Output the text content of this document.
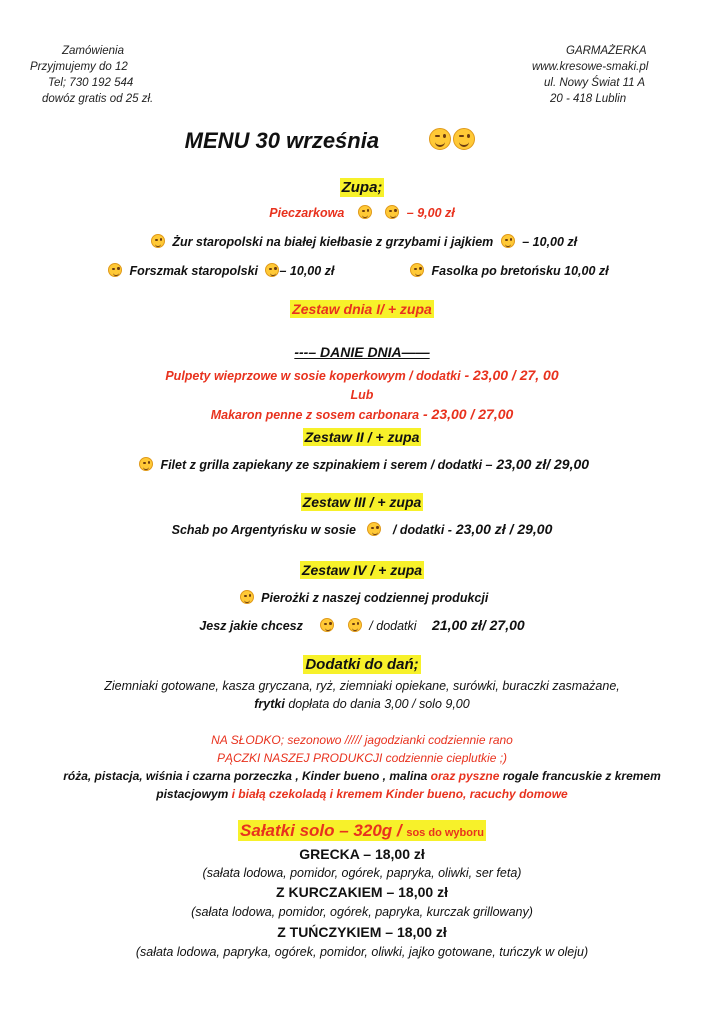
Zamówienia
Przyjmujemy do 12
Tel; 730 192 544
dowóz gratis od 25 zł.
GARMAŻERKA
www.kresowe-smaki.pl
ul. Nowy Świat 11 A
20 - 418 Lublin
MENU 30 września
Zupa;
Pieczarkowa
	– 9,00 zł
Żur staropolski na białej kiełbasie z grzybami i jajkiem – 10,00 zł
Forszmak staropolski – 10,00 zł	Fasolka po bretońsku 10,00 zł
Zestaw dnia I/ + zupa
---– DANIE DNIA——
Pulpety wieprzowe w sosie koperkowym / dodatki - 23,00 / 27, 00
Lub
Makaron penne z sosem carbonara - 23,00 / 27,00
Zestaw II / + zupa
Filet z grilla zapiekany ze szpinakiem i serem / dodatki – 23,00 zł/ 29,00
Zestaw III / + zupa
Schab po Argentyńsku w sosie	/ dodatki - 23,00 zł / 29,00
Zestaw IV / + zupa
Pierożki z naszej codziennej produkcji
Jesz jakie chcesz
	/ dodatki 21,00 zł/ 27,00
Dodatki do dań;
Ziemniaki gotowane, kasza gryczana, ryż, ziemniaki opiekane, surówki, buraczki zasmażane,
frytki dopłata do dania 3,00 / solo 9,00
NA SŁODKO; sezonowo ///// jagodzianki codziennie rano
PĄCZKI NASZEJ PRODUKCJI codziennie cieplutkie ;)
róża, pistacja, wiśnia i czarna porzeczka , Kinder bueno , malina oraz pyszne rogale francuskie z kremem
pistacjowym i białą czekoladą i kremem Kinder bueno, racuchy domowe
Sałatki solo – 320g / sos do wyboru
GRECKA – 18,00 zł
(sałata lodowa, pomidor, ogórek, papryka, oliwki, ser feta)
Z KURCZAKIEM – 18,00 zł
(sałata lodowa, pomidor, ogórek, papryka, kurczak grillowany)
Z TUŃCZYKIEM – 18,00 zł
(sałata lodowa, papryka, ogórek, pomidor, oliwki, jajko gotowane, tuńczyk w oleju)
